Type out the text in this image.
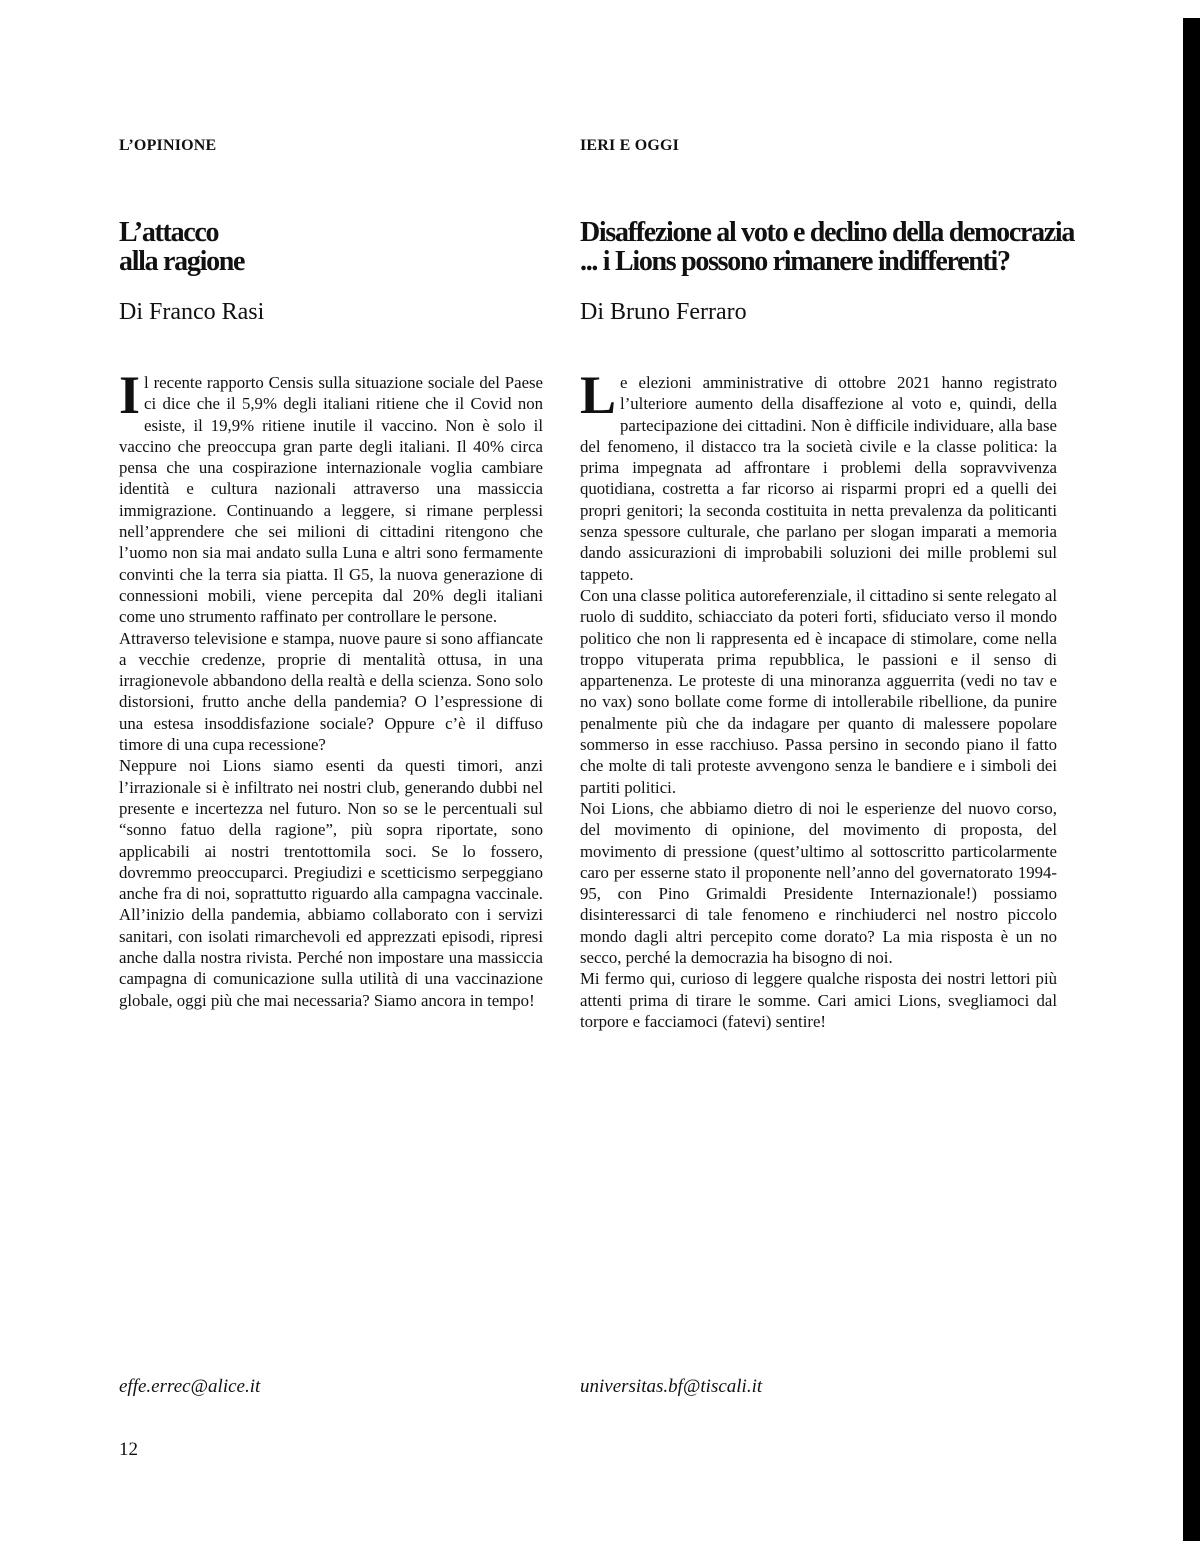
L’OPINIONE
L’attacco
alla ragione
Di Franco Rasi
I l recente rapporto Censis sulla situazione sociale del Paese ci dice che il 5,9% degli italiani ritiene che il Covid non esiste, il 19,9% ritiene inutile il vaccino. Non è solo il vaccino che preoccupa gran parte degli italiani. Il 40% circa pensa che una cospirazione internazionale voglia cambiare identità e cultura nazionali attraverso una massiccia immigrazione. Continuando a leggere, si rimane perplessi nell’apprendere che sei milioni di cittadini ritengono che l’uomo non sia mai andato sulla Luna e altri sono fermamente convinti che la terra sia piatta. Il G5, la nuova generazione di connessioni mobili, viene percepita dal 20% degli italiani come uno strumento raffinato per controllare le persone.

Attraverso televisione e stampa, nuove paure si sono affiancate a vecchie credenze, proprie di mentalità ottusa, in una irragionevole abbandono della realtà e della scienza. Sono solo distorsioni, frutto anche della pandemia? O l’espressione di una estesa insoddisfazione sociale? Oppure c’è il diffuso timore di una cupa recessione?

Neppure noi Lions siamo esenti da questi timori, anzi l’irrazionale si è infiltrato nei nostri club, generando dubbi nel presente e incertezza nel futuro. Non so se le percentuali sul “sonno fatuo della ragione”, più sopra riportate, sono applicabili ai nostri trentottomila soci. Se lo fossero, dovremmo preoccuparci. Pregiudizi e scetticismo serpeggiano anche fra di noi, soprattutto riguardo alla campagna vaccinale. All’inizio della pandemia, abbiamo collaborato con i servizi sanitari, con isolati rimarchevoli ed apprezzati episodi, ripresi anche dalla nostra rivista. Perché non impostare una massiccia campagna di comunicazione sulla utilità di una vaccinazione globale, oggi più che mai necessaria? Siamo ancora in tempo!

effe.errec@alice.it
IERI E OGGI
Disaffezione al voto e declino della democrazia
... i Lions possono rimanere indifferenti?
Di Bruno Ferraro
L e elezioni amministrative di ottobre 2021 hanno registrato l’ulteriore aumento della disaffezione al voto e, quindi, della partecipazione dei cittadini. Non è difficile individuare, alla base del fenomeno, il distacco tra la società civile e la classe politica: la prima impegnata ad affrontare i problemi della sopravvivenza quotidiana, costretta a far ricorso ai risparmi propri ed a quelli dei propri genitori; la seconda costituita in netta prevalenza da politicanti senza spessore culturale, che parlano per slogan imparati a memoria dando assicurazioni di improbabili soluzioni dei mille problemi sul tappeto.

Con una classe politica autoreferenziale, il cittadino si sente relegato al ruolo di suddito, schiacciato da poteri forti, sfiduciato verso il mondo politico che non li rappresenta ed è incapace di stimolare, come nella troppo vituperata prima repubblica, le passioni e il senso di appartenenza. Le proteste di una minoranza agguerrita (vedi no tav e no vax) sono bollate come forme di intollerabile ribellione, da punire penalmente più che da indagare per quanto di malessere popolare sommerso in esse racchiuso. Passa persino in secondo piano il fatto che molte di tali proteste avvengono senza le bandiere e i simboli dei partiti politici.

Noi Lions, che abbiamo dietro di noi le esperienze del nuovo corso, del movimento di opinione, del movimento di proposta, del movimento di pressione (quest’ultimo al sottoscritto particolarmente caro per esserne stato il proponente nell’anno del governatorato 1994-95, con Pino Grimaldi Presidente Internazionale!) possiamo disinteressarci di tale fenomeno e rinchiuderci nel nostro piccolo mondo dagli altri percepito come dorato? La mia risposta è un no secco, perché la democrazia ha bisogno di noi.

Mi fermo qui, curioso di leggere qualche risposta dei nostri lettori più attenti prima di tirare le somme. Cari amici Lions, svegliamoci dal torpore e facciamoci (fatevi) sentire!

universitas.bf@tiscali.it
12
